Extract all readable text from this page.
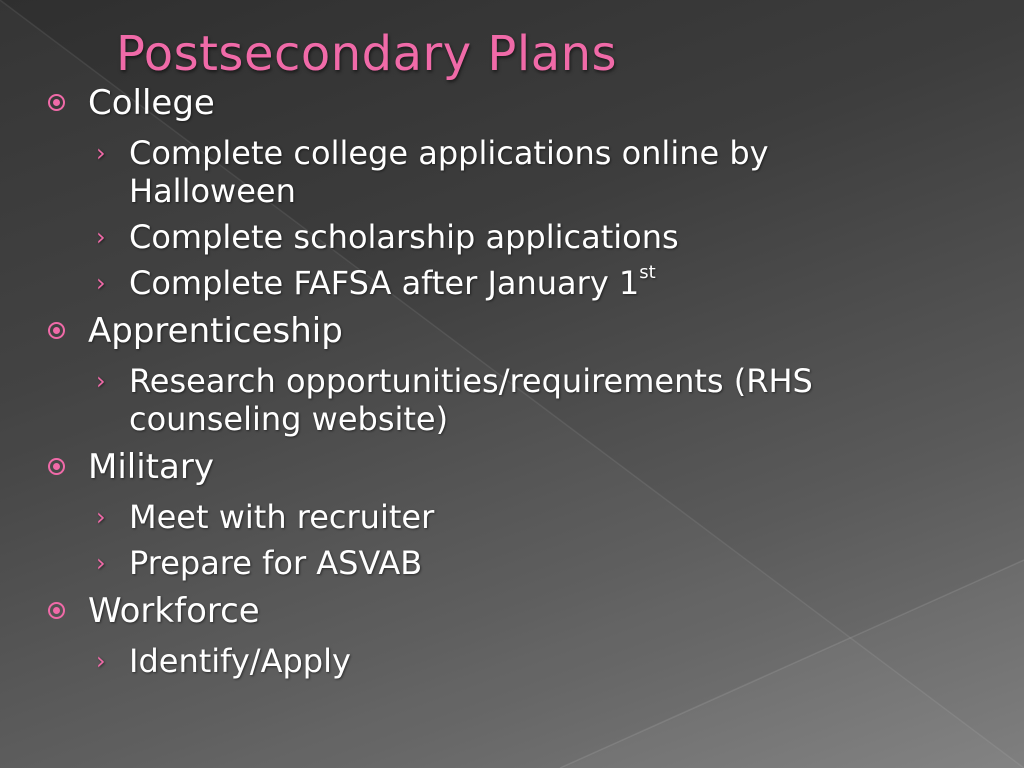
Postsecondary Plans
College
› Complete college applications online by Halloween
› Complete scholarship applications
› Complete FAFSA after January 1st
Apprenticeship
› Research opportunities/requirements (RHS counseling website)
Military
› Meet with recruiter
› Prepare for ASVAB
Workforce
› Identify/Apply
